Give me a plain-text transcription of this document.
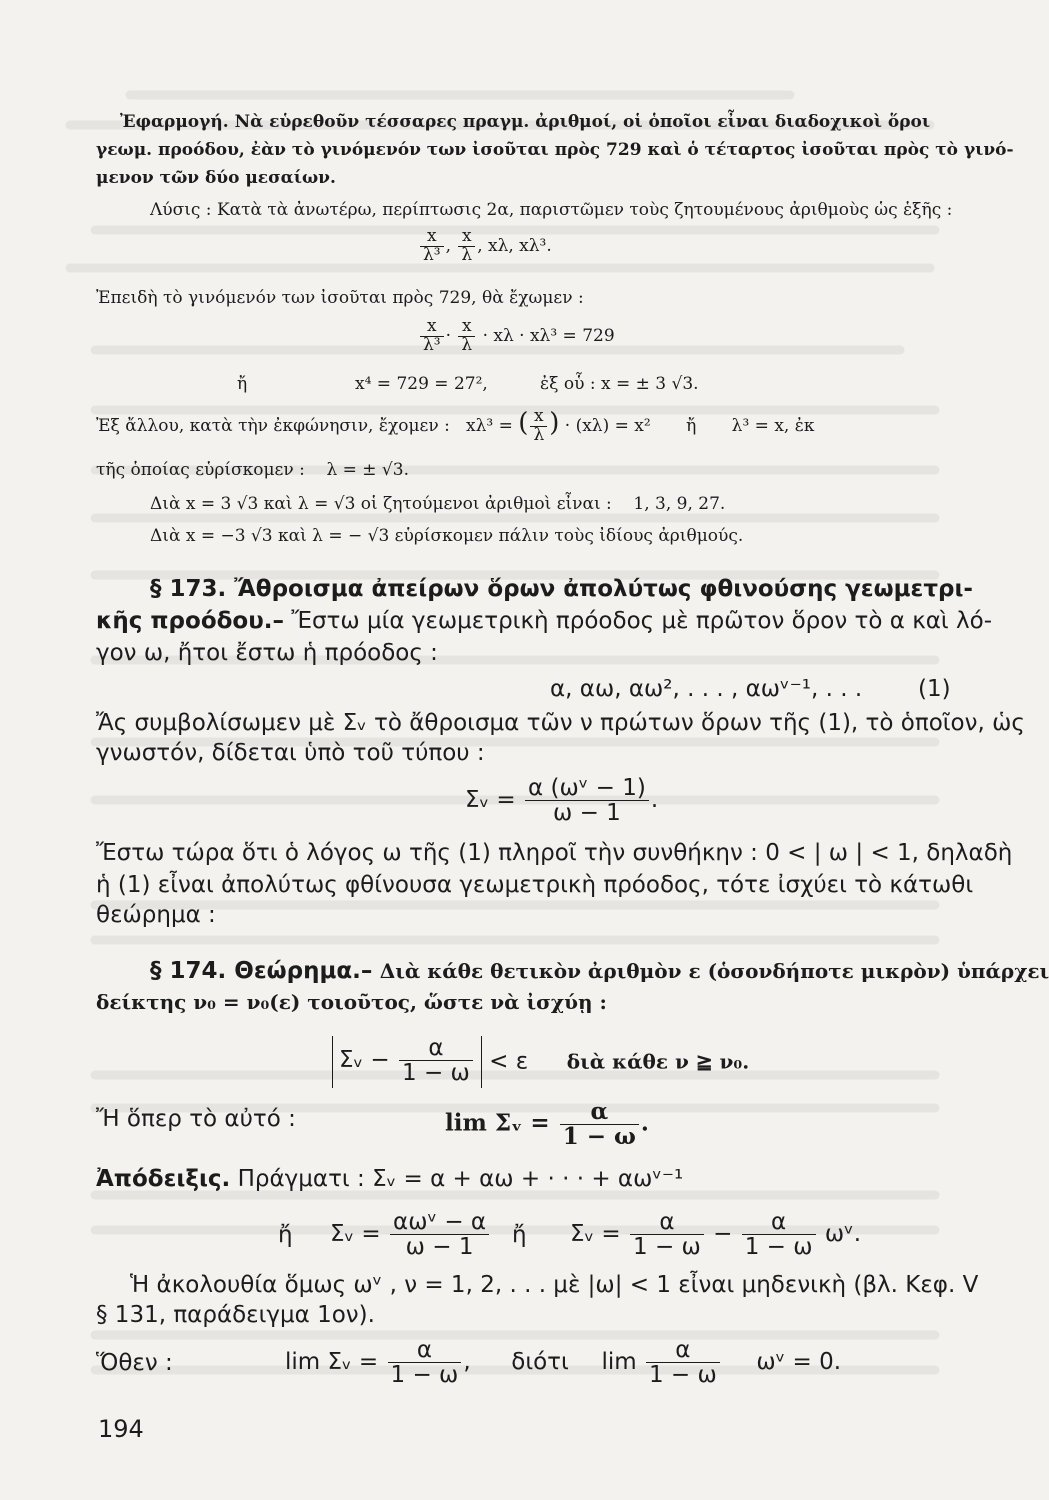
Ἐφαρμογή. Νὰ εὑρεθοῦν τέσσαρες πραγμ. ἀριθμοί, οἱ ὁποῖοι εἶναι διαδοχικοὶ ὅροι
γεωμ. προόδου, ἐὰν τὸ γινόμενόν των ἰσοῦται πρὸς 729 καὶ ὁ τέταρτος ἰσοῦται πρὸς τὸ γινό-
μενον τῶν δύο μεσαίων.
Λύσις : Κατὰ τὰ ἀνωτέρω, περίπτωσις 2α, παριστῶμεν τοὺς ζητουμένους ἀριθμοὺς ὡς ἑξῆς :
$\frac{x}{\text{λ³}}$ , $\frac{x}{\lambda}$ , xλ, xλ³.
Ἐπειδὴ τὸ γινόμενόν των ἰσοῦται πρὸς 729, θὰ ἔχωμεν :
$\frac{x}{\text{λ³}} \cdot \frac{x}{\lambda} \cdot x\lambda \cdot x\lambda^3 = 729$
ἤ	x⁴ = 729 = 27²,	ἐξ οὗ : x = ± 3 √3.
Ἐξ ἄλλου, κατὰ τὴν ἐκφώνησιν, ἔχομεν : xλ³ = ( $\frac{x}{\lambda}$ ) · (xλ) = x² ἤ λ³ = x, ἐκ
τῆς ὁποίας εὑρίσκομεν : λ = ± √3.
Διὰ x = 3 √3 καὶ λ = √3 οἱ ζητούμενοι ἀριθμοὶ εἶναι : 1, 3, 9, 27.
Διὰ x = −3 √3 καὶ λ = − √3 εὑρίσκομεν πάλιν τοὺς ἰδίους ἀριθμούς.
§ 173. Ἄθροισμα ἀπείρων ὅρων ἀπολύτως φθινούσης γεωμετρι-
κῆς προόδου.– Ἔστω μία γεωμετρικὴ πρόοδος μὲ πρῶτον ὅρον τὸ α καὶ λό-
γον ω, ἤτοι ἔστω ἡ πρόοδος :
α, αω, αω², . . . , αωᵛ⁻¹, . . . (1)
Ἄς συμβολίσωμεν μὲ Σᵥ τὸ ἄθροισμα τῶν ν πρώτων ὅρων τῆς (1), τὸ ὁποῖον, ὡς
γνωστόν, δίδεται ὑπὸ τοῦ τύπου :
Σᵥ = $\frac{\text{α (ωᵛ − 1)}}{\omega - 1}$ .
Ἔστω τώρα ὅτι ὁ λόγος ω τῆς (1) πληροῖ τὴν συνθήκην : 0 < | ω | < 1, δηλαδὴ
ἡ (1) εἶναι ἀπολύτως φθίνουσα γεωμετρικὴ πρόοδος, τότε ἰσχύει τὸ κάτωθι
θεώρημα :
§ 174. Θεώρημα.– Διὰ κάθε θετικὸν ἀριθμὸν ε (ὁσονδήποτε μικρὸν) ὑπάρχει
δείκτης ν₀ = ν₀(ε) τοιοῦτος, ὥστε νὰ ἰσχύῃ :
Σᵥ − $\frac{\alpha}{1 - \omega} < \varepsilon$ διὰ κάθε ν ≧ ν₀.
Ἤ ὅπερ τὸ αὐτό :	lim Σᵥ = $\frac{\alpha}{1 - \omega}$ .
Ἀπόδειξις. Πράγματι : Σᵥ = α + αω + · · · + αωᵛ⁻¹
ἤ Σᵥ = $\frac{\text{αωᵛ − α}}{\omega - 1}$ ἤ Σᵥ = $\frac{\alpha}{1 - \omega} - \frac{\alpha}{1 - \omega}$ ωᵛ.
Ἡ ἀκολουθία ὅμως ωᵛ , ν = 1, 2, . . . μὲ |ω| < 1 εἶναι μηδενικὴ (βλ. Κεφ. V
§ 131, παράδειγμα 1ον).
Ὅθεν :	lim Σᵥ = $\frac{\alpha}{1 - \omega}$ ,  διότι $\lim \frac{\alpha}{1 - \omega}$ ωᵛ = 0.
194
